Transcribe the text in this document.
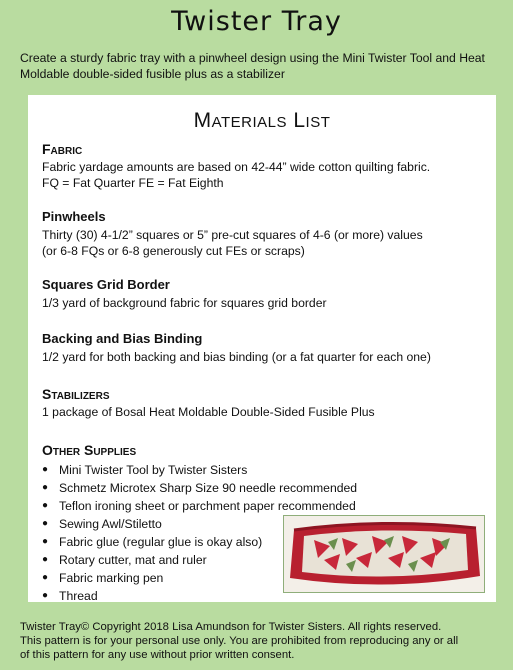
Twister Tray
Create a sturdy fabric tray with a pinwheel design using the Mini Twister Tool and Heat Moldable double-sided fusible plus as a stabilizer
Materials List

Fabric

Fabric yardage amounts are based on 42-44” wide cotton quilting fabric.
FQ = Fat Quarter FE = Fat Eighth

Pinwheels

Thirty (30) 4-1/2” squares or 5” pre-cut squares of 4-6 (or more) values
(or 6-8 FQs or 6-8 generously cut FEs or scraps)

Squares Grid Border

1/3 yard of background fabric for squares grid border

Backing and Bias Binding

1/2 yard for both backing and bias binding (or a fat quarter for each one)

Stabilizers

1 package of Bosal Heat Moldable Double-Sided Fusible Plus

Other Supplies

● Mini Twister Tool by Twister Sisters
● Schmetz Microtex Sharp Size 90 needle recommended
● Teflon ironing sheet or parchment paper recommended
● Sewing Awl/Stiletto
● Fabric glue (regular glue is okay also)
● Rotary cutter, mat and ruler
● Fabric marking pen
● Thread
Twister Tray© Copyright 2018 Lisa Amundson for Twister Sisters. All rights reserved.
This pattern is for your personal use only. You are prohibited from reproducing any or all
of this pattern for any use without prior written consent.
